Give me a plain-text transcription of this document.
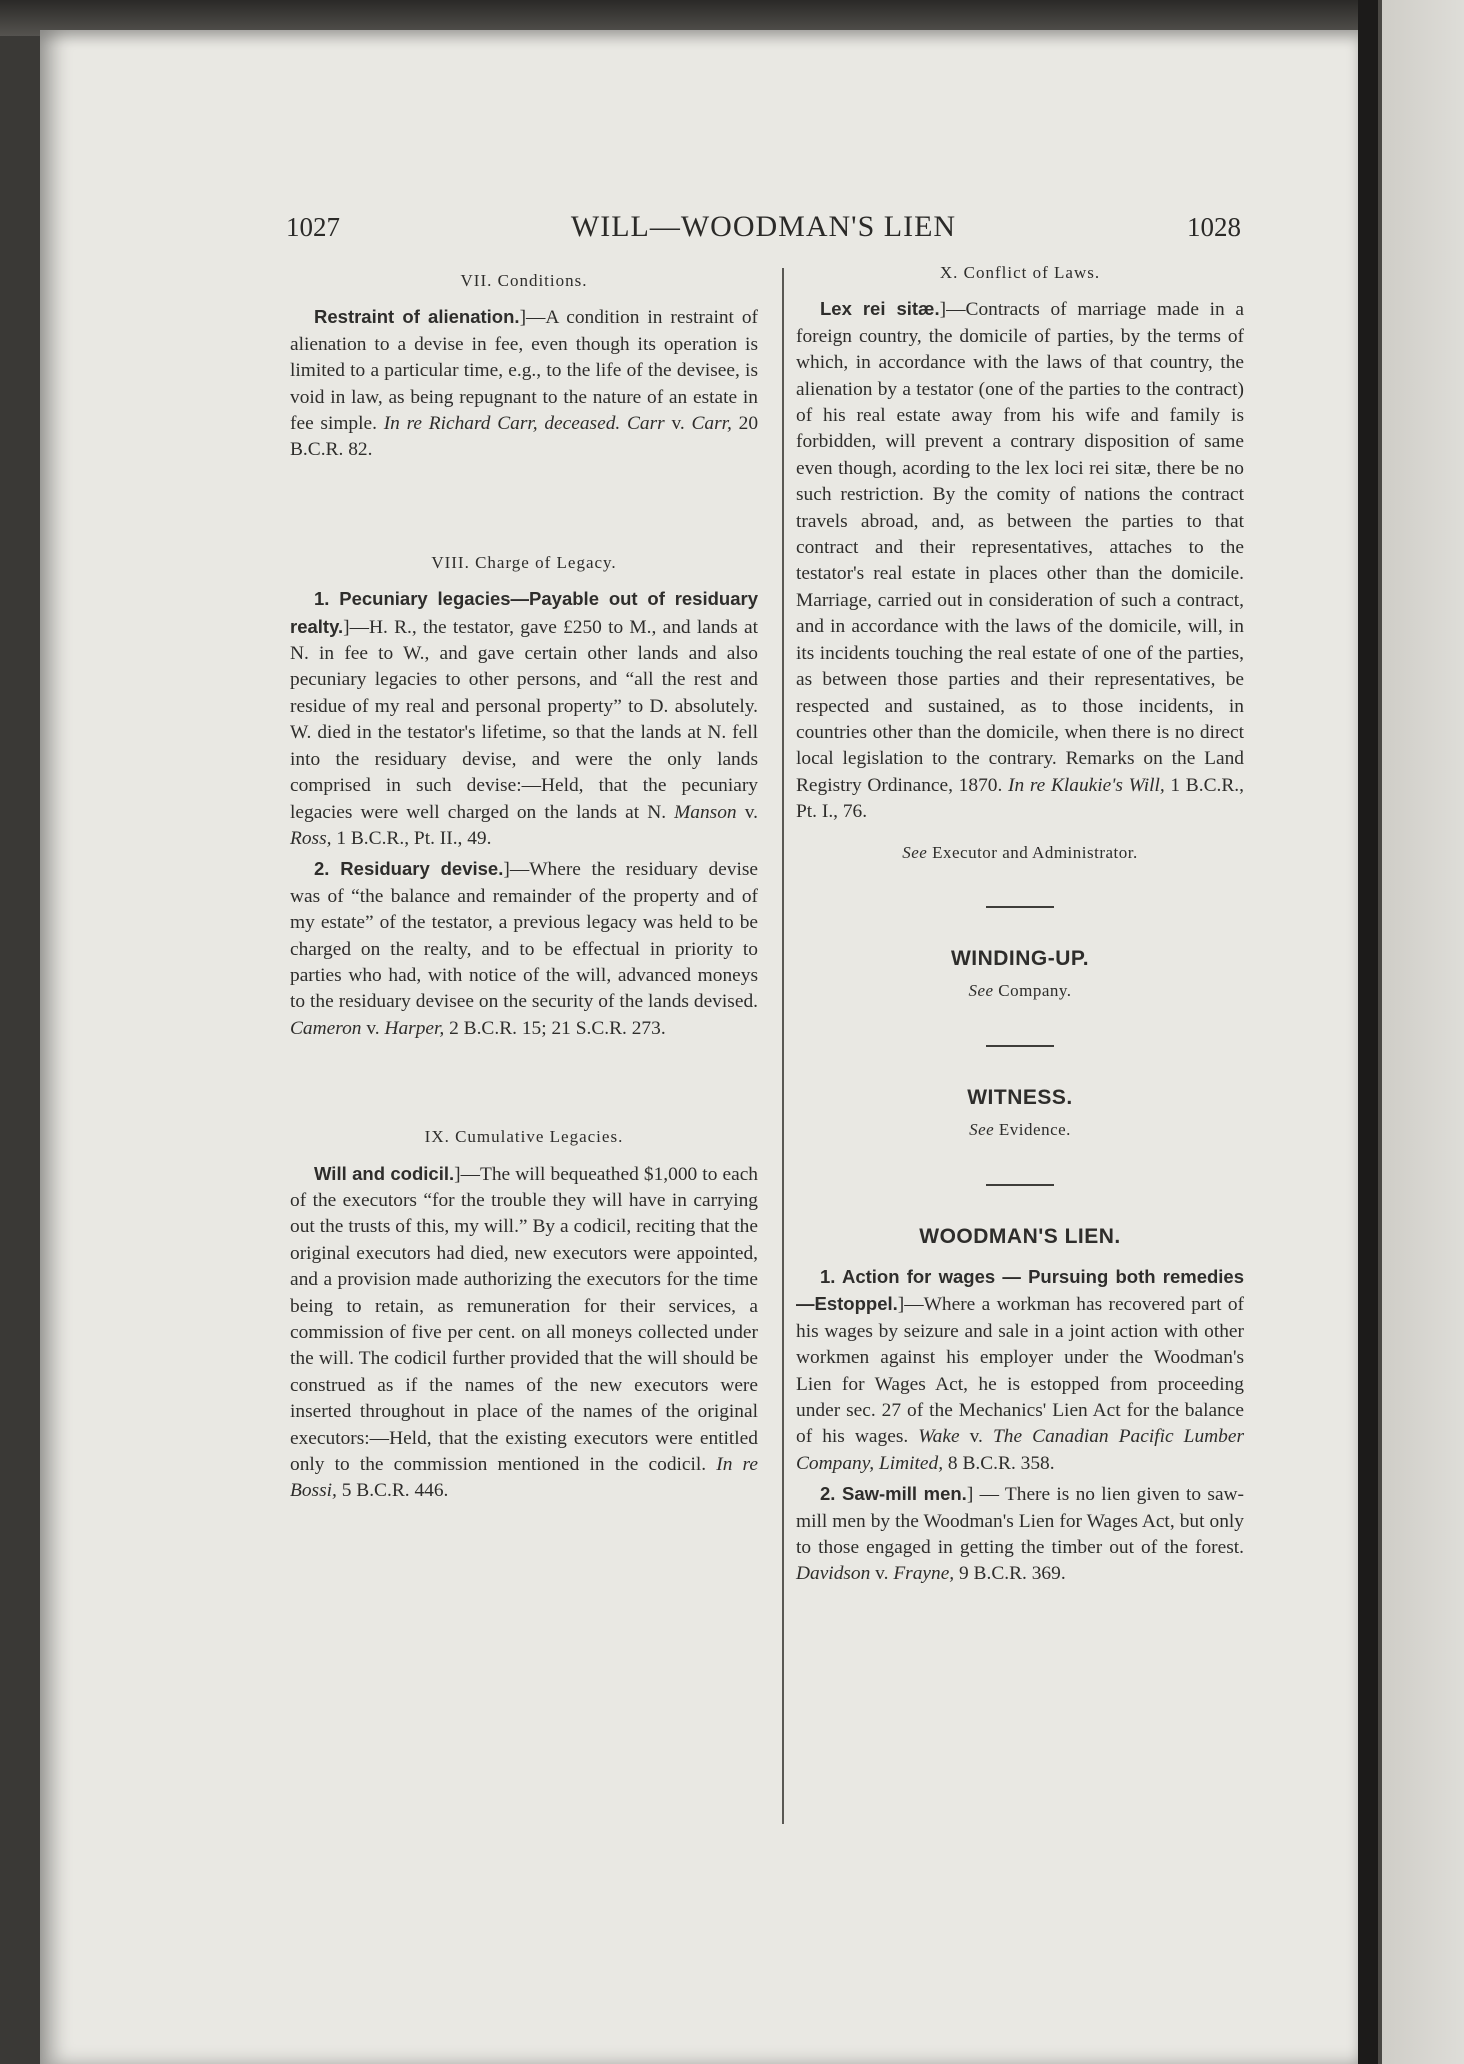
1027	WILL—WOODMAN'S LIEN	1028
VII. Conditions.

Restraint of alienation.]—A condition in restraint of alienation to a devise in fee, even though its operation is limited to a particular time, e.g., to the life of the devisee, is void in law, as being repugnant to the nature of an estate in fee simple. In re Richard Carr, deceased. Carr v. Carr, 20 B.C.R. 82.

VIII. Charge of Legacy.

1. Pecuniary legacies—Payable out of residuary realty.]—H. R., the testator, gave £250 to M., and lands at N. in fee to W., and gave certain other lands and also pecuniary legacies to other persons, and “all the rest and residue of my real and personal property” to D. absolutely. W. died in the testator's lifetime, so that the lands at N. fell into the residuary devise, and were the only lands comprised in such devise:—Held, that the pecuniary legacies were well charged on the lands at N. Manson v. Ross, 1 B.C.R., Pt. II., 49.

2. Residuary devise.]—Where the residuary devise was of “the balance and remainder of the property and of my estate” of the testator, a previous legacy was held to be charged on the realty, and to be effectual in priority to parties who had, with notice of the will, advanced moneys to the residuary devisee on the security of the lands devised. Cameron v. Harper, 2 B.C.R. 15; 21 S.C.R. 273.

IX. Cumulative Legacies.

Will and codicil.]—The will bequeathed $1,000 to each of the executors “for the trouble they will have in carrying out the trusts of this, my will.” By a codicil, reciting that the original executors had died, new executors were appointed, and a provision made authorizing the executors for the time being to retain, as remuneration for their services, a commission of five per cent. on all moneys collected under the will. The codicil further provided that the will should be construed as if the names of the new executors were inserted throughout in place of the names of the original executors:—Held, that the existing executors were entitled only to the commission mentioned in the codicil. In re Bossi, 5 B.C.R. 446.

X. Conflict of Laws.

Lex rei sitæ.]—Contracts of marriage made in a foreign country, the domicile of parties, by the terms of which, in accordance with the laws of that country, the alienation by a testator (one of the parties to the contract) of his real estate away from his wife and family is forbidden, will prevent a contrary disposition of same even though, acording to the lex loci rei sitæ, there be no such restriction. By the comity of nations the contract travels abroad, and, as between the parties to that contract and their representatives, attaches to the testator's real estate in places other than the domicile. Marriage, carried out in consideration of such a contract, and in accordance with the laws of the domicile, will, in its incidents touching the real estate of one of the parties, as between those parties and their representatives, be respected and sustained, as to those incidents, in countries other than the domicile, when there is no direct local legislation to the contrary. Remarks on the Land Registry Ordinance, 1870. In re Klaukie's Will, 1 B.C.R., Pt. I., 76.

See Executor and Administrator.
WINDING-UP.
See Company.
WITNESS.
See Evidence.
WOODMAN'S LIEN.

1. Action for wages — Pursuing both remedies—Estoppel.]—Where a workman has recovered part of his wages by seizure and sale in a joint action with other workmen against his employer under the Woodman's Lien for Wages Act, he is estopped from proceeding under sec. 27 of the Mechanics' Lien Act for the balance of his wages. Wake v. The Canadian Pacific Lumber Company, Limited, 8 B.C.R. 358.

2. Saw-mill men.] — There is no lien given to saw-mill men by the Woodman's Lien for Wages Act, but only to those engaged in getting the timber out of the forest. Davidson v. Frayne, 9 B.C.R. 369.
